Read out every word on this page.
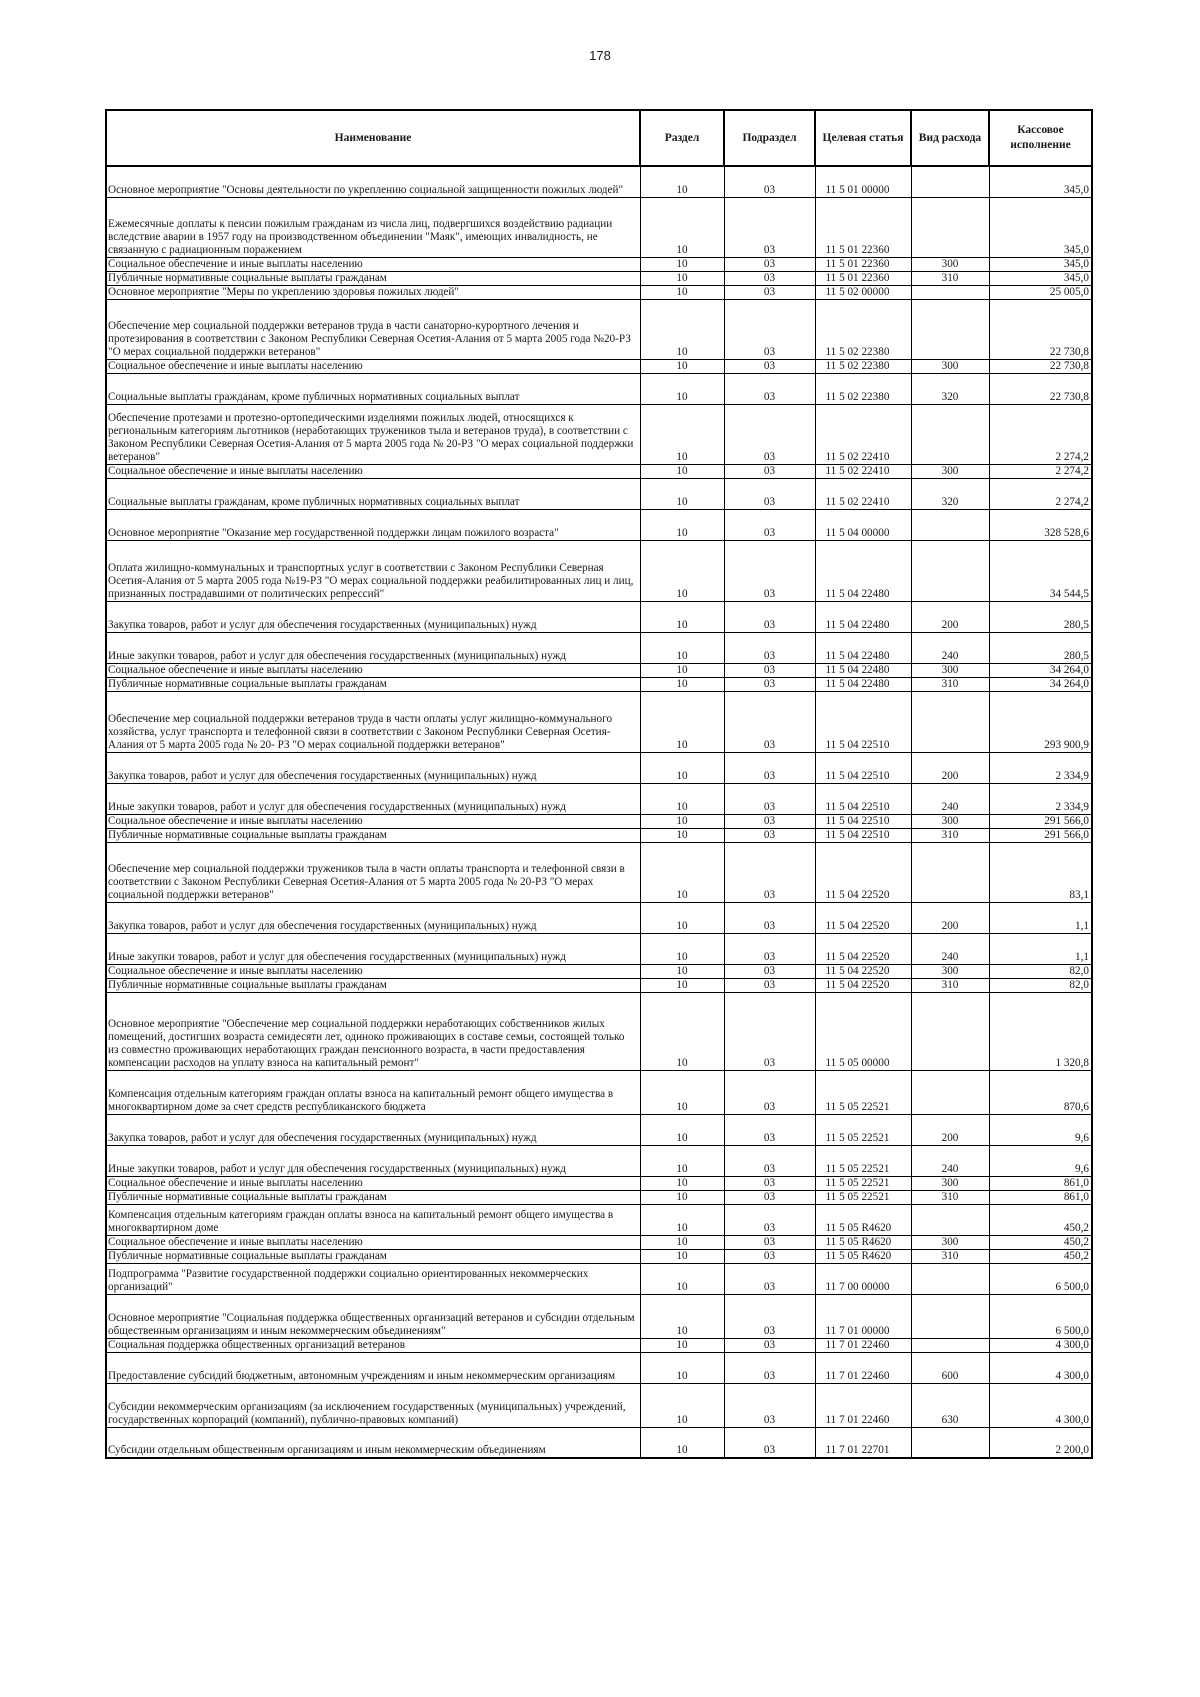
178
Наименование	Раздел	Подраздел	Целевая статья	Вид расхода	Кассовое исполнение
Основное мероприятие "Основы деятельности по укреплению социальной защищенности пожилых людей"	10	03	11 5 01 00000		345,0
Ежемесячные доплаты к пенсии пожилым гражданам из числа лиц, подвергшихся воздействию радиации вследствие аварии в 1957 году на производственном объединении "Маяк", имеющих инвалидность, не связанную с радиационным поражением	10	03	11 5 01 22360		345,0
Социальное обеспечение и иные выплаты населению	10	03	11 5 01 22360	300	345,0
Публичные нормативные социальные выплаты гражданам	10	03	11 5 01 22360	310	345,0
Основное мероприятие "Меры по укреплению здоровья пожилых людей"	10	03	11 5 02 00000		25 005,0
Обеспечение мер социальной поддержки ветеранов труда в части санаторно-курортного лечения и протезирования в соответствии с Законом Республики Северная Осетия-Алания от 5 марта 2005 года №20-РЗ "О мерах социальной поддержки ветеранов"	10	03	11 5 02 22380		22 730,8
Социальное обеспечение и иные выплаты населению	10	03	11 5 02 22380	300	22 730,8
Социальные выплаты гражданам, кроме публичных нормативных социальных выплат	10	03	11 5 02 22380	320	22 730,8
Обеспечение протезами и протезно-ортопедическими изделиями пожилых людей, относящихся к региональным категориям льготников (неработающих тружеников тыла и ветеранов труда), в соответствии с Законом Республики Северная Осетия-Алания от 5 марта 2005 года № 20-РЗ "О мерах социальной поддержки ветеранов"	10	03	11 5 02 22410		2 274,2
Социальное обеспечение и иные выплаты населению	10	03	11 5 02 22410	300	2 274,2
Социальные выплаты гражданам, кроме публичных нормативных социальных выплат	10	03	11 5 02 22410	320	2 274,2
Основное мероприятие "Оказание мер государственной поддержки лицам пожилого возраста"	10	03	11 5 04 00000		328 528,6
Оплата жилищно-коммунальных и транспортных услуг в соответствии с Законом Республики Северная Осетия-Алания от 5 марта 2005 года №19-РЗ "О мерах социальной поддержки реабилитированных лиц и лиц, признанных пострадавшими от политических репрессий"	10	03	11 5 04 22480		34 544,5
Закупка товаров, работ и услуг для обеспечения государственных (муниципальных) нужд	10	03	11 5 04 22480	200	280,5
Иные закупки товаров, работ и услуг для обеспечения государственных (муниципальных) нужд	10	03	11 5 04 22480	240	280,5
Социальное обеспечение и иные выплаты населению	10	03	11 5 04 22480	300	34 264,0
Публичные нормативные социальные выплаты гражданам	10	03	11 5 04 22480	310	34 264,0
Обеспечение мер социальной поддержки ветеранов труда в части оплаты услуг жилищно-коммунального хозяйства, услуг транспорта и телефонной связи в соответствии с Законом Республики Северная Осетия-Алания от 5 марта 2005 года № 20- РЗ "О мерах социальной поддержки ветеранов"	10	03	11 5 04 22510		293 900,9
Закупка товаров, работ и услуг для обеспечения государственных (муниципальных) нужд	10	03	11 5 04 22510	200	2 334,9
Иные закупки товаров, работ и услуг для обеспечения государственных (муниципальных) нужд	10	03	11 5 04 22510	240	2 334,9
Социальное обеспечение и иные выплаты населению	10	03	11 5 04 22510	300	291 566,0
Публичные нормативные социальные выплаты гражданам	10	03	11 5 04 22510	310	291 566,0
Обеспечение мер социальной поддержки тружеников тыла в части оплаты транспорта и телефонной связи в соответствии с Законом Республики Северная Осетия-Алания от 5 марта 2005 года № 20-РЗ "О мерах социальной поддержки ветеранов"	10	03	11 5 04 22520		83,1
Закупка товаров, работ и услуг для обеспечения государственных (муниципальных) нужд	10	03	11 5 04 22520	200	1,1
Иные закупки товаров, работ и услуг для обеспечения государственных (муниципальных) нужд	10	03	11 5 04 22520	240	1,1
Социальное обеспечение и иные выплаты населению	10	03	11 5 04 22520	300	82,0
Публичные нормативные социальные выплаты гражданам	10	03	11 5 04 22520	310	82,0
Основное мероприятие "Обеспечение мер социальной поддержки неработающих собственников жилых помещений, достигших возраста семидесяти лет, одиноко проживающих в составе семьи, состоящей только из совместно проживающих неработающих граждан пенсионного возраста, в части предоставления компенсации расходов на уплату взноса на капитальный ремонт"	10	03	11 5 05 00000		1 320,8
Компенсация отдельным категориям граждан оплаты взноса на капитальный ремонт общего имущества в многоквартирном доме за счет средств республиканского бюджета	10	03	11 5 05 22521		870,6
Закупка товаров, работ и услуг для обеспечения государственных (муниципальных) нужд	10	03	11 5 05 22521	200	9,6
Иные закупки товаров, работ и услуг для обеспечения государственных (муниципальных) нужд	10	03	11 5 05 22521	240	9,6
Социальное обеспечение и иные выплаты населению	10	03	11 5 05 22521	300	861,0
Публичные нормативные социальные выплаты гражданам	10	03	11 5 05 22521	310	861,0
Компенсация отдельным категориям граждан оплаты взноса на капитальный ремонт общего имущества в многоквартирном доме	10	03	11 5 05 R4620		450,2
Социальное обеспечение и иные выплаты населению	10	03	11 5 05 R4620	300	450,2
Публичные нормативные социальные выплаты гражданам	10	03	11 5 05 R4620	310	450,2
Подпрограмма "Развитие государственной поддержки социально ориентированных некоммерческих организаций"	10	03	11 7 00 00000		6 500,0
Основное мероприятие "Социальная поддержка общественных организаций ветеранов и субсидии отдельным общественным организациям и иным некоммерческим объединениям"	10	03	11 7 01 00000		6 500,0
Социальная поддержка общественных организаций ветеранов	10	03	11 7 01 22460		4 300,0
Предоставление субсидий бюджетным, автономным учреждениям и иным некоммерческим организациям	10	03	11 7 01 22460	600	4 300,0
Субсидии некоммерческим организациям (за исключением государственных (муниципальных) учреждений, государственных корпораций (компаний), публично-правовых компаний)	10	03	11 7 01 22460	630	4 300,0
Субсидии отдельным общественным организациям и иным некоммерческим объединениям	10	03	11 7 01 22701		2 200,0
